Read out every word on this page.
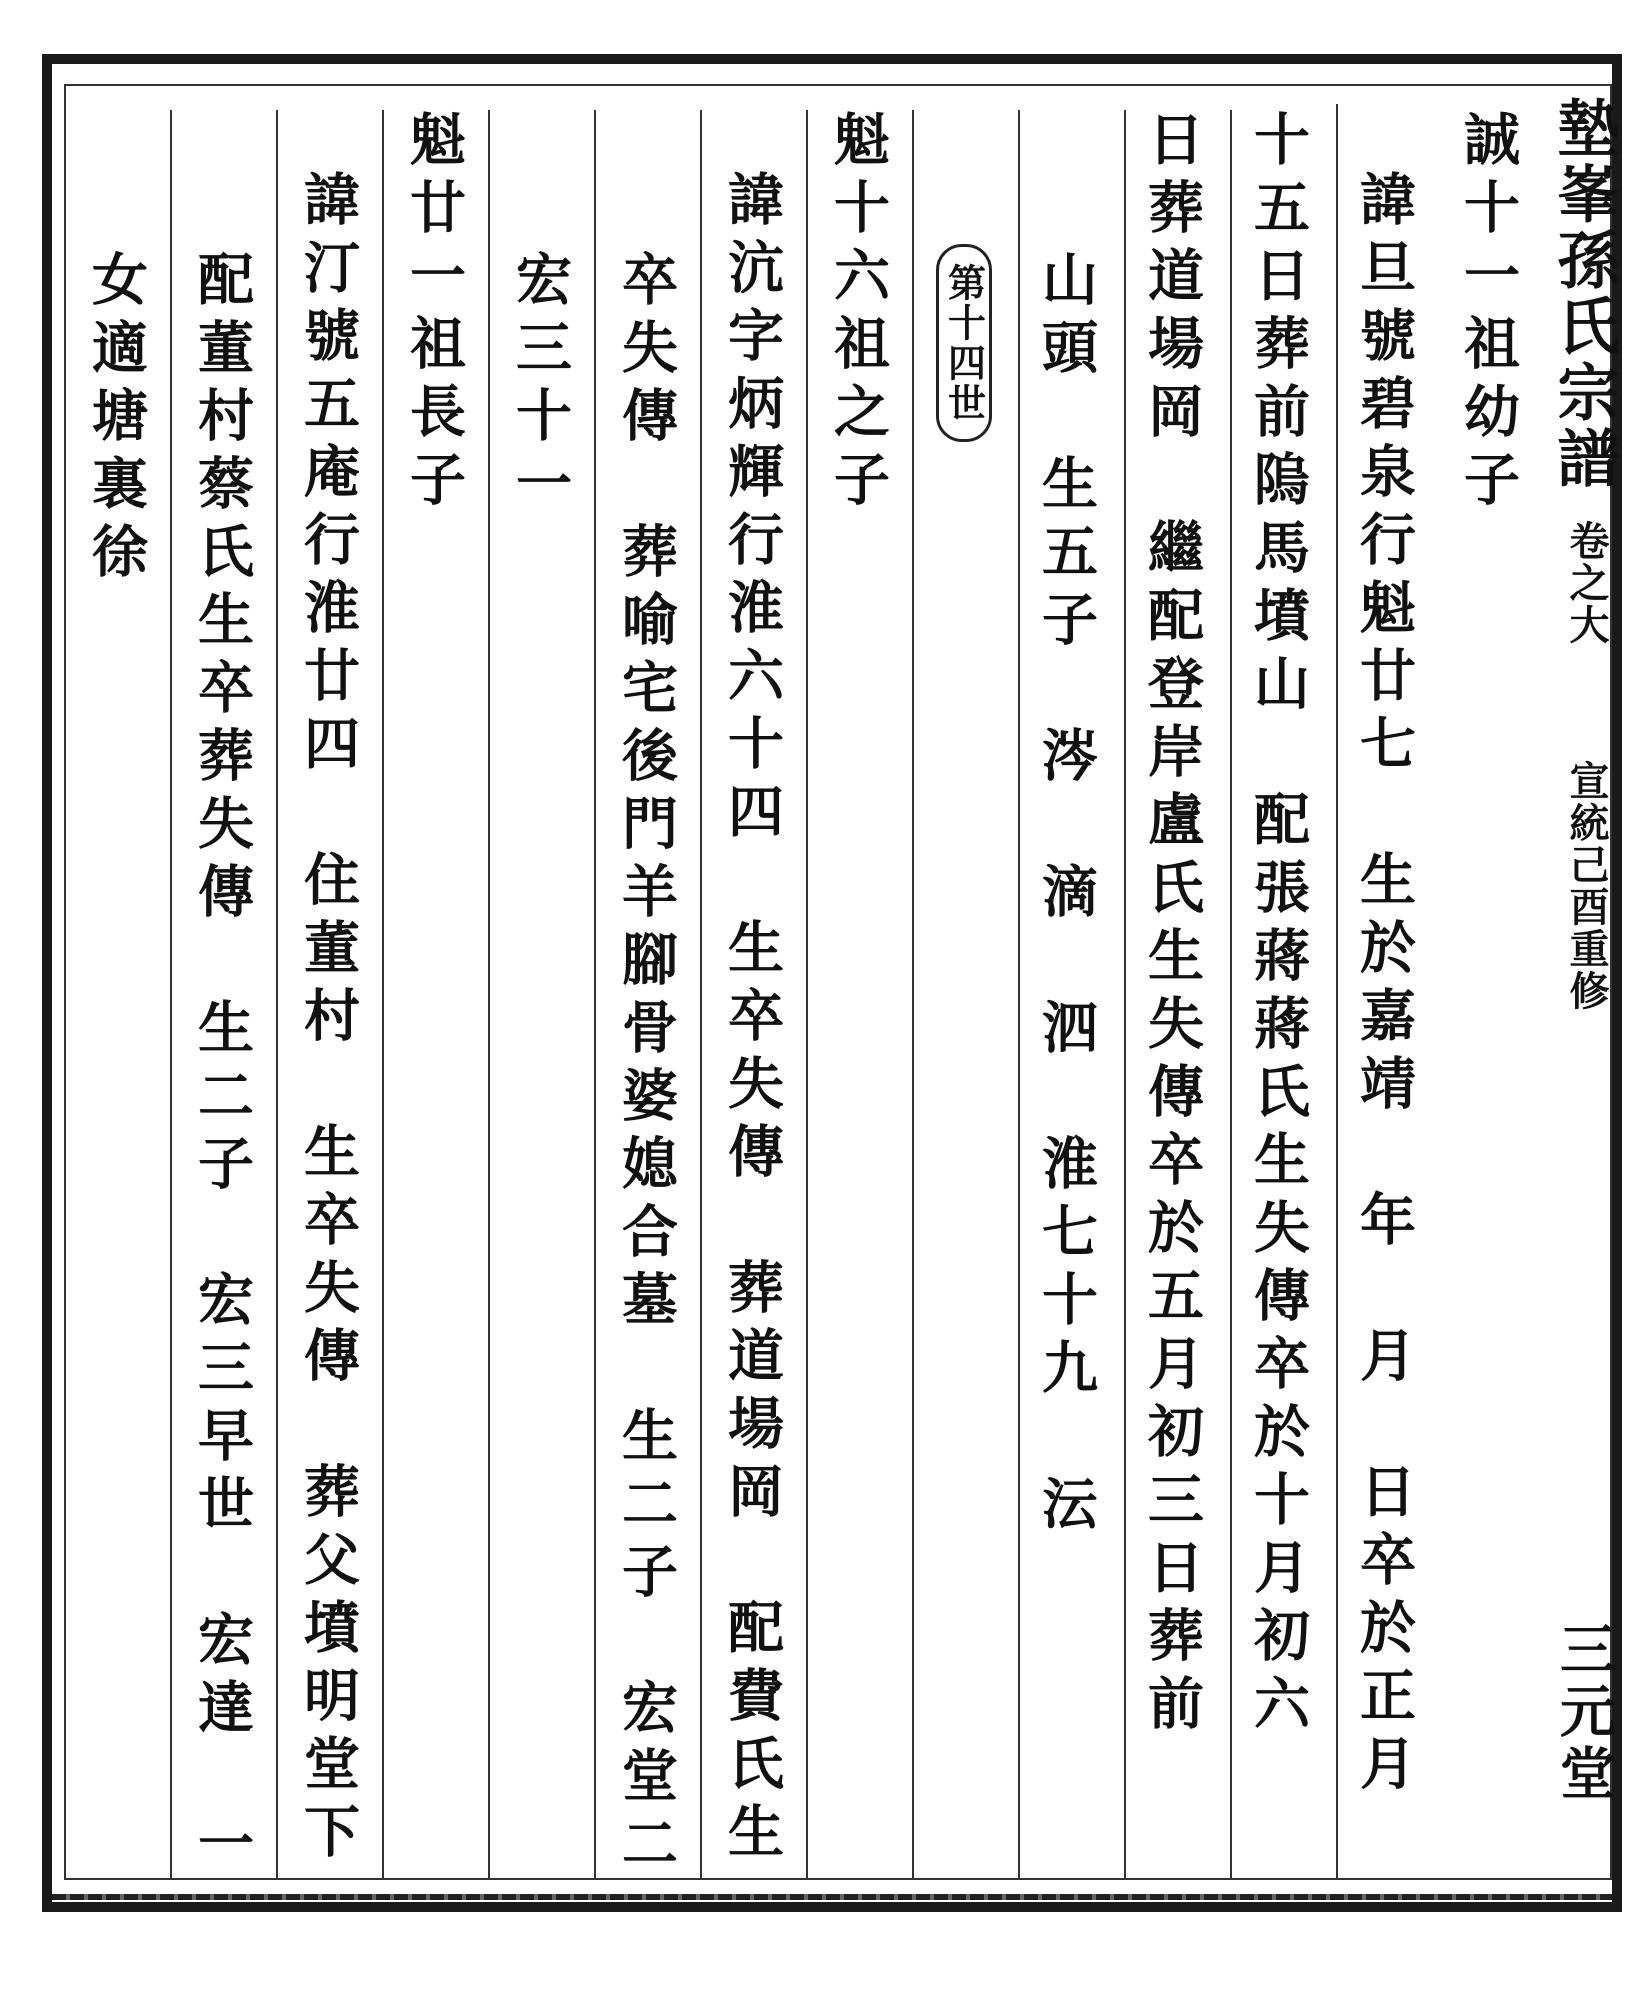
墊峯孫氏宗譜
卷之大
宣統己酉重修
三元堂
第十四世	誠十一祖幼子
諱旦號碧泉行魁廿七　生於嘉靖　年　月　日卒於正月
十五日葬前隖馬墳山　配張蔣蔣氏生失傳卒於十月初六
日葬道場岡　繼配登岸盧氏生失傳卒於五月初三日葬前
山頭　生五子　涔　滴　泗　淮七十九　沄
魁十六祖之子
諱沆字炳輝行淮六十四　生卒失傳　葬道場岡　配費氏生
卒失傳　葬喻宅後門羊腳骨婆媳合墓　生二子　宏堂二
宏三十一
魁廿一祖長子
諱汀號五庵行淮廿四　住董村　生卒失傳　葬父墳明堂下
配董村蔡氏生卒葬失傳　生二子　宏三早世　宏達　一
女適塘裏徐
